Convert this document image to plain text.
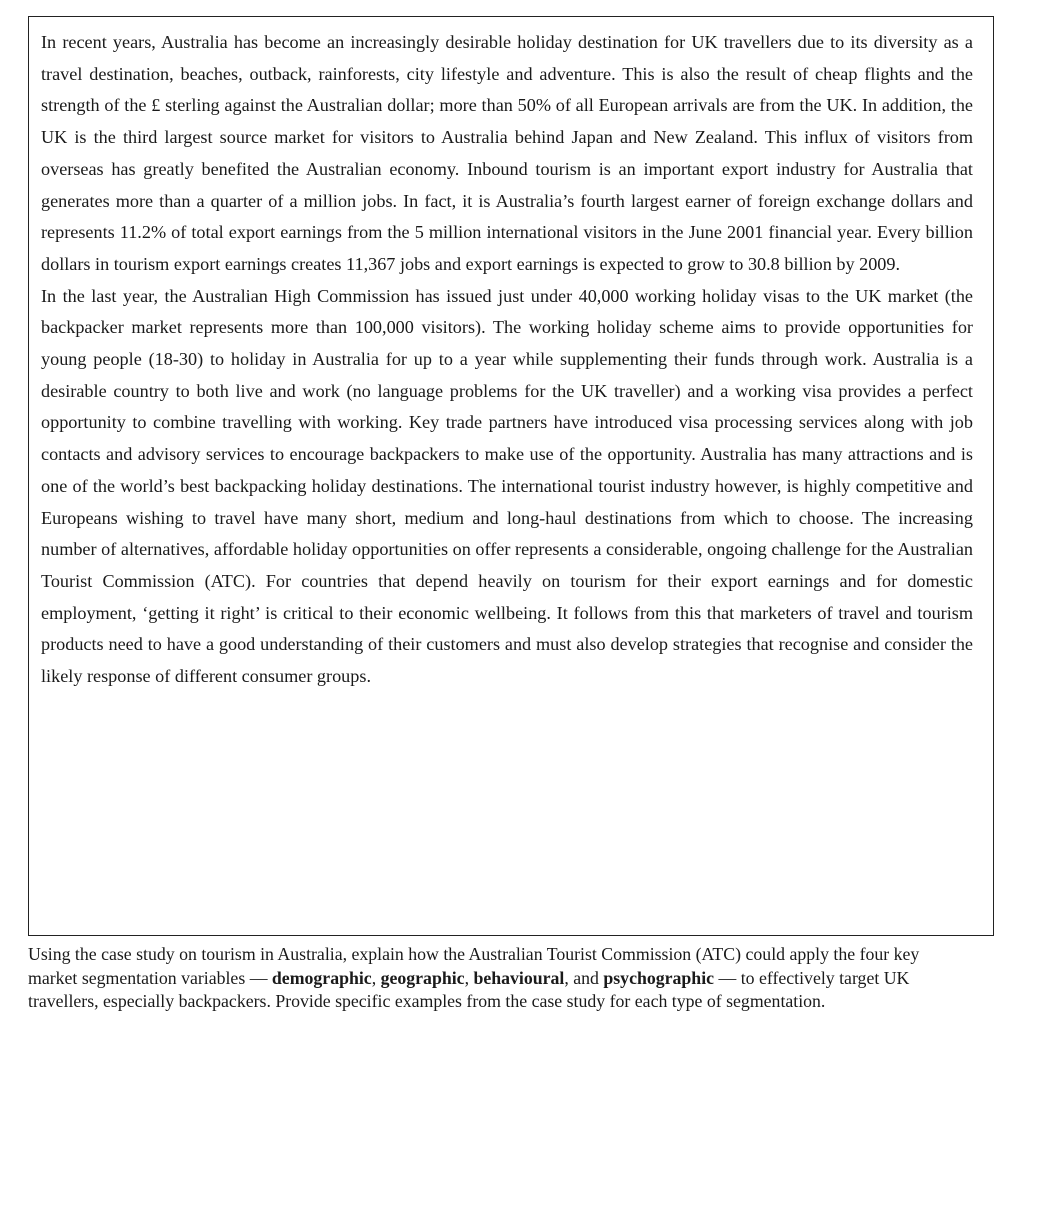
In recent years, Australia has become an increasingly desirable holiday destination for UK travellers due to its diversity as a travel destination, beaches, outback, rainforests, city lifestyle and adventure. This is also the result of cheap flights and the strength of the £ sterling against the Australian dollar; more than 50% of all European arrivals are from the UK. In addition, the UK is the third largest source market for visitors to Australia behind Japan and New Zealand. This influx of visitors from overseas has greatly benefited the Australian economy. Inbound tourism is an important export industry for Australia that generates more than a quarter of a million jobs. In fact, it is Australia’s fourth largest earner of foreign exchange dollars and represents 11.2% of total export earnings from the 5 million international visitors in the June 2001 financial year. Every billion dollars in tourism export earnings creates 11,367 jobs and export earnings is expected to grow to 30.8 billion by 2009.

In the last year, the Australian High Commission has issued just under 40,000 working holiday visas to the UK market (the backpacker market represents more than 100,000 visitors). The working holiday scheme aims to provide opportunities for young people (18-30) to holiday in Australia for up to a year while supplementing their funds through work. Australia is a desirable country to both live and work (no language problems for the UK traveller) and a working visa provides a perfect opportunity to combine travelling with working. Key trade partners have introduced visa processing services along with job contacts and advisory services to encourage backpackers to make use of the opportunity. Australia has many attractions and is one of the world’s best backpacking holiday destinations. The international tourist industry however, is highly competitive and Europeans wishing to travel have many short, medium and long-haul destinations from which to choose. The increasing number of alternatives, affordable holiday opportunities on offer represents a considerable, ongoing challenge for the Australian Tourist Commission (ATC). For countries that depend heavily on tourism for their export earnings and for domestic employment, ‘getting it right’ is critical to their economic wellbeing. It follows from this that marketers of travel and tourism products need to have a good understanding of their customers and must also develop strategies that recognise and consider the likely response of different consumer groups.

Using the case study on tourism in Australia, explain how the Australian Tourist Commission (ATC) could apply the four key market segmentation variables — demographic, geographic, behavioural, and psychographic — to effectively target UK travellers, especially backpackers. Provide specific examples from the case study for each type of segmentation.
